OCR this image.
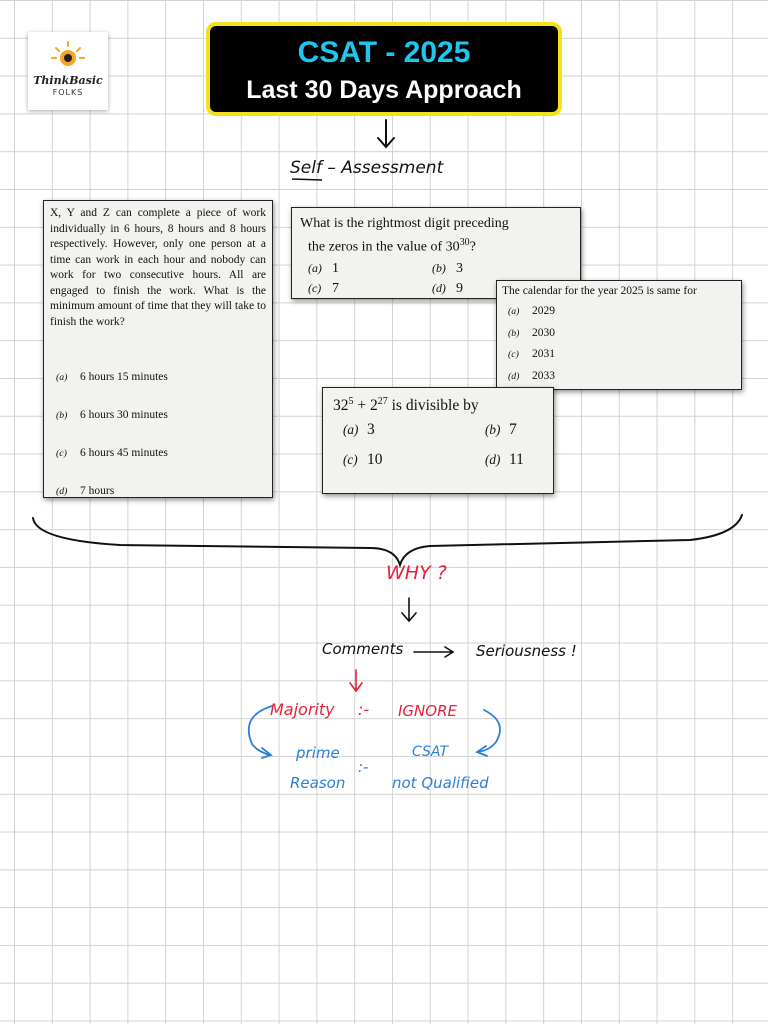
ThinkBasic
FOLKS
CSAT - 2025
Last 30 Days Approach
Self – Assessment
X, Y and Z can complete a piece of work individually in 6 hours, 8 hours and 8 hours respectively. However, only one person at a time can work in each hour and nobody can work for two consecutive hours. All are engaged to finish the work. What is the minimum amount of time that they will take to finish the work?
(a) 6 hours 15 minutes
(b) 6 hours 30 minutes
(c) 6 hours 45 minutes
(d) 7 hours
What is the rightmost digit preceding
the zeros in the value of $30^{30}$?
(a) 1	(b) 3
(c) 7	(d) 9	The calendar for the year 2025 is same for
(a) 2029
(b) 2030
(c) 2031
(d) 2033
$32^5 + 2^{27}$ is divisible by
(a) 3	(b) 7
(c) 10	(d) 11
WHY ?
Comments	Seriousness !
Majority :- IGNORE
prime
Reason
:-
CSAT
not Qualified
